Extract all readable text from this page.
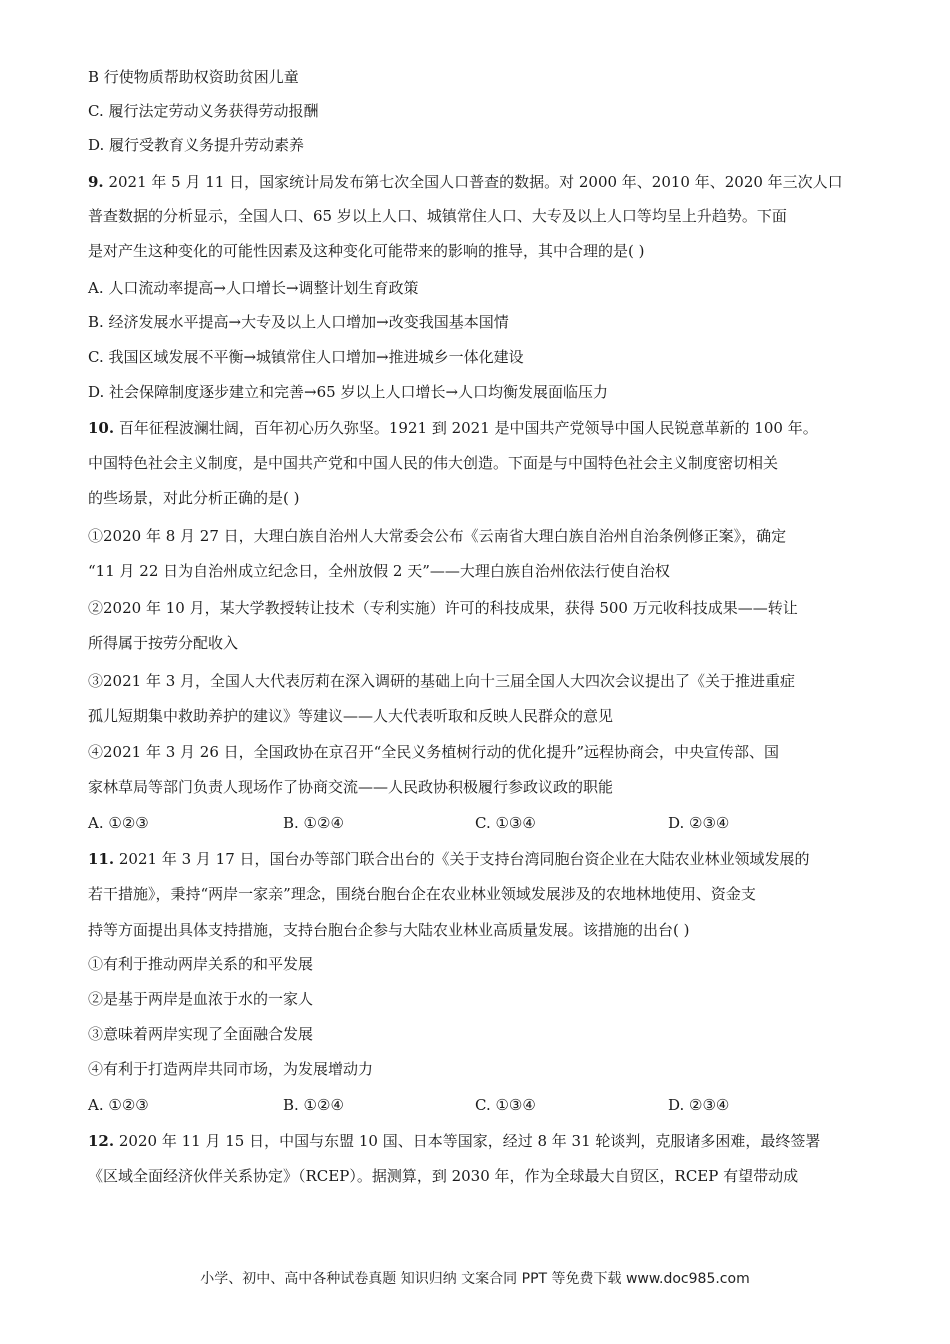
B 行使物质帮助权资助贫困儿童
C. 履行法定劳动义务获得劳动报酬
D. 履行受教育义务提升劳动素养
9. 2021 年 5 月 11 日，国家统计局发布第七次全国人口普查的数据。对 2000 年、2010 年、2020 年三次人口
普查数据的分析显示，全国人口、65 岁以上人口、城镇常住人口、大专及以上人口等均呈上升趋势。下面
是对产生这种变化的可能性因素及这种变化可能带来的影响的推导，其中合理的是( )
A. 人口流动率提高→人口增长→调整计划生育政策
B. 经济发展水平提高→大专及以上人口增加→改变我国基本国情
C. 我国区域发展不平衡→城镇常住人口增加→推进城乡一体化建设
D. 社会保障制度逐步建立和完善→65 岁以上人口增长→人口均衡发展面临压力
10. 百年征程波澜壮阔，百年初心历久弥坚。1921 到 2021 是中国共产党领导中国人民锐意革新的 100 年。
中国特色社会主义制度，是中国共产党和中国人民的伟大创造。下面是与中国特色社会主义制度密切相关
的些场景，对此分析正确的是( )
①2020 年 8 月 27 日，大理白族自治州人大常委会公布《云南省大理白族自治州自治条例修正案》，确定
“11 月 22 日为自治州成立纪念日，全州放假 2 天”——大理白族自治州依法行使自治权
②2020 年 10 月，某大学教授转让技术（专利实施）许可的科技成果，获得 500 万元收科技成果——转让
所得属于按劳分配收入
③2021 年 3 月，全国人大代表厉莉在深入调研的基础上向十三届全国人大四次会议提出了《关于推进重症
孤儿短期集中救助养护的建议》等建议——人大代表听取和反映人民群众的意见
④2021 年 3 月 26 日，全国政协在京召开“全民义务植树行动的优化提升”远程协商会，中央宣传部、国
家林草局等部门负责人现场作了协商交流——人民政协积极履行参政议政的职能
A. ①②③	B. ①②④	C. ①③④	D. ②③④
11. 2021 年 3 月 17 日，国台办等部门联合出台的《关于支持台湾同胞台资企业在大陆农业林业领域发展的
若干措施》，秉持“两岸一家亲”理念，围绕台胞台企在农业林业领域发展涉及的农地林地使用、资金支
持等方面提出具体支持措施，支持台胞台企参与大陆农业林业高质量发展。该措施的出台( )
①有利于推动两岸关系的和平发展
②是基于两岸是血浓于水的一家人
③意味着两岸实现了全面融合发展
④有利于打造两岸共同市场，为发展增动力
A. ①②③	B. ①②④	C. ①③④	D. ②③④
12. 2020 年 11 月 15 日，中国与东盟 10 国、日本等国家，经过 8 年 31 轮谈判，克服诸多困难，最终签署
《区域全面经济伙伴关系协定》（RCEP）。据测算，到 2030 年，作为全球最大自贸区，RCEP 有望带动成
小学、初中、高中各种试卷真题 知识归纳 文案合同 PPT 等免费下载 www.doc985.com
